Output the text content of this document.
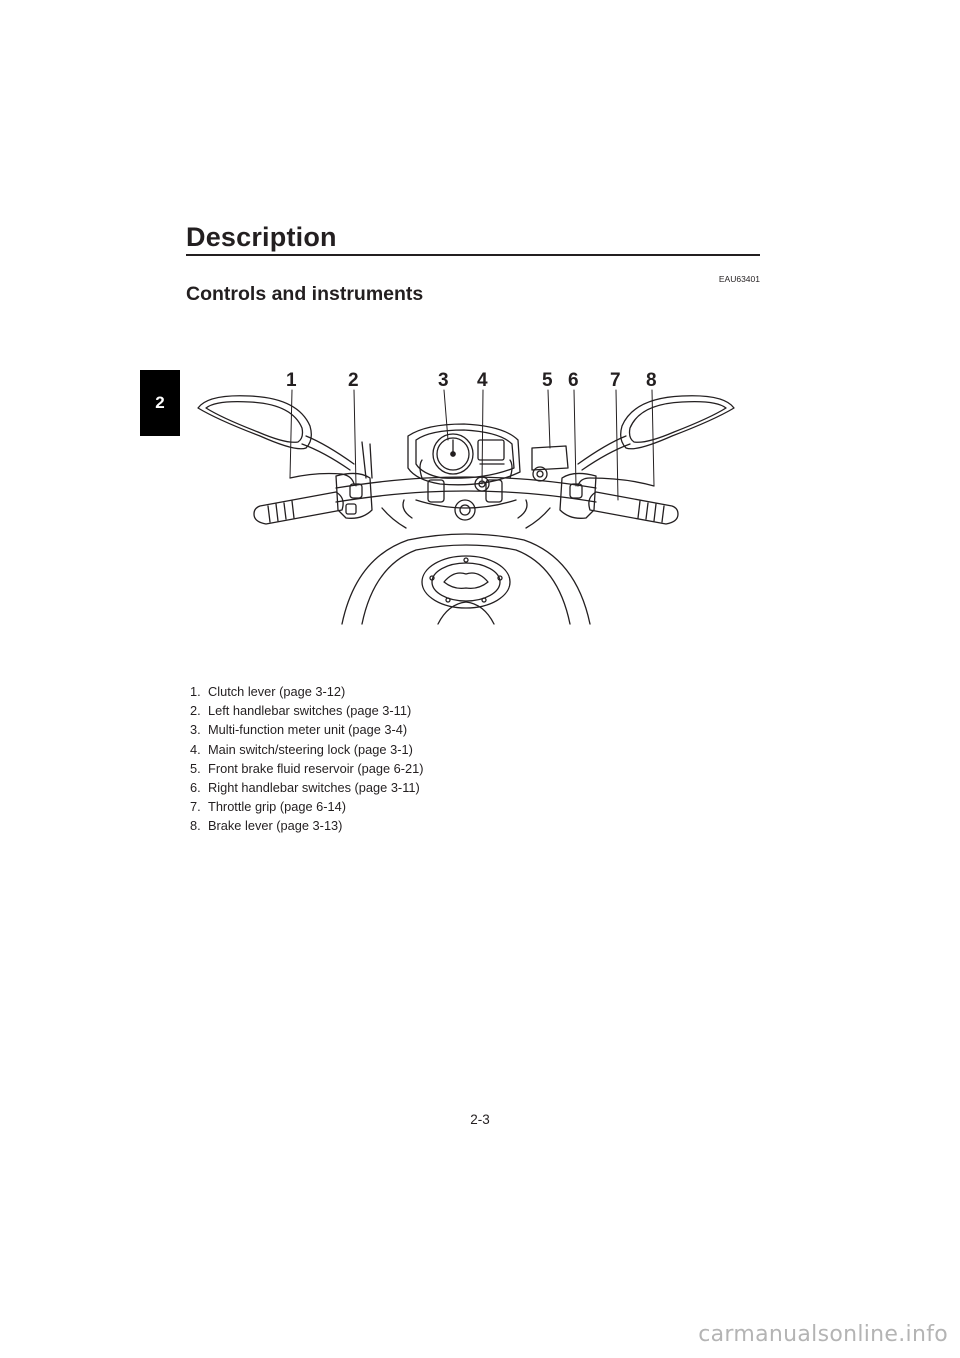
Description
2
EAU63401
Controls and instruments
1	2	3 4	5 6 7 8
1. Clutch lever (page 3-12)
2. Left handlebar switches (page 3-11)
3. Multi-function meter unit (page 3-4)
4. Main switch/steering lock (page 3-1)
5. Front brake fluid reservoir (page 6-21)
6. Right handlebar switches (page 3-11)
7. Throttle grip (page 6-14)
8. Brake lever (page 3-13)
2-3
carmanualsonline.info
